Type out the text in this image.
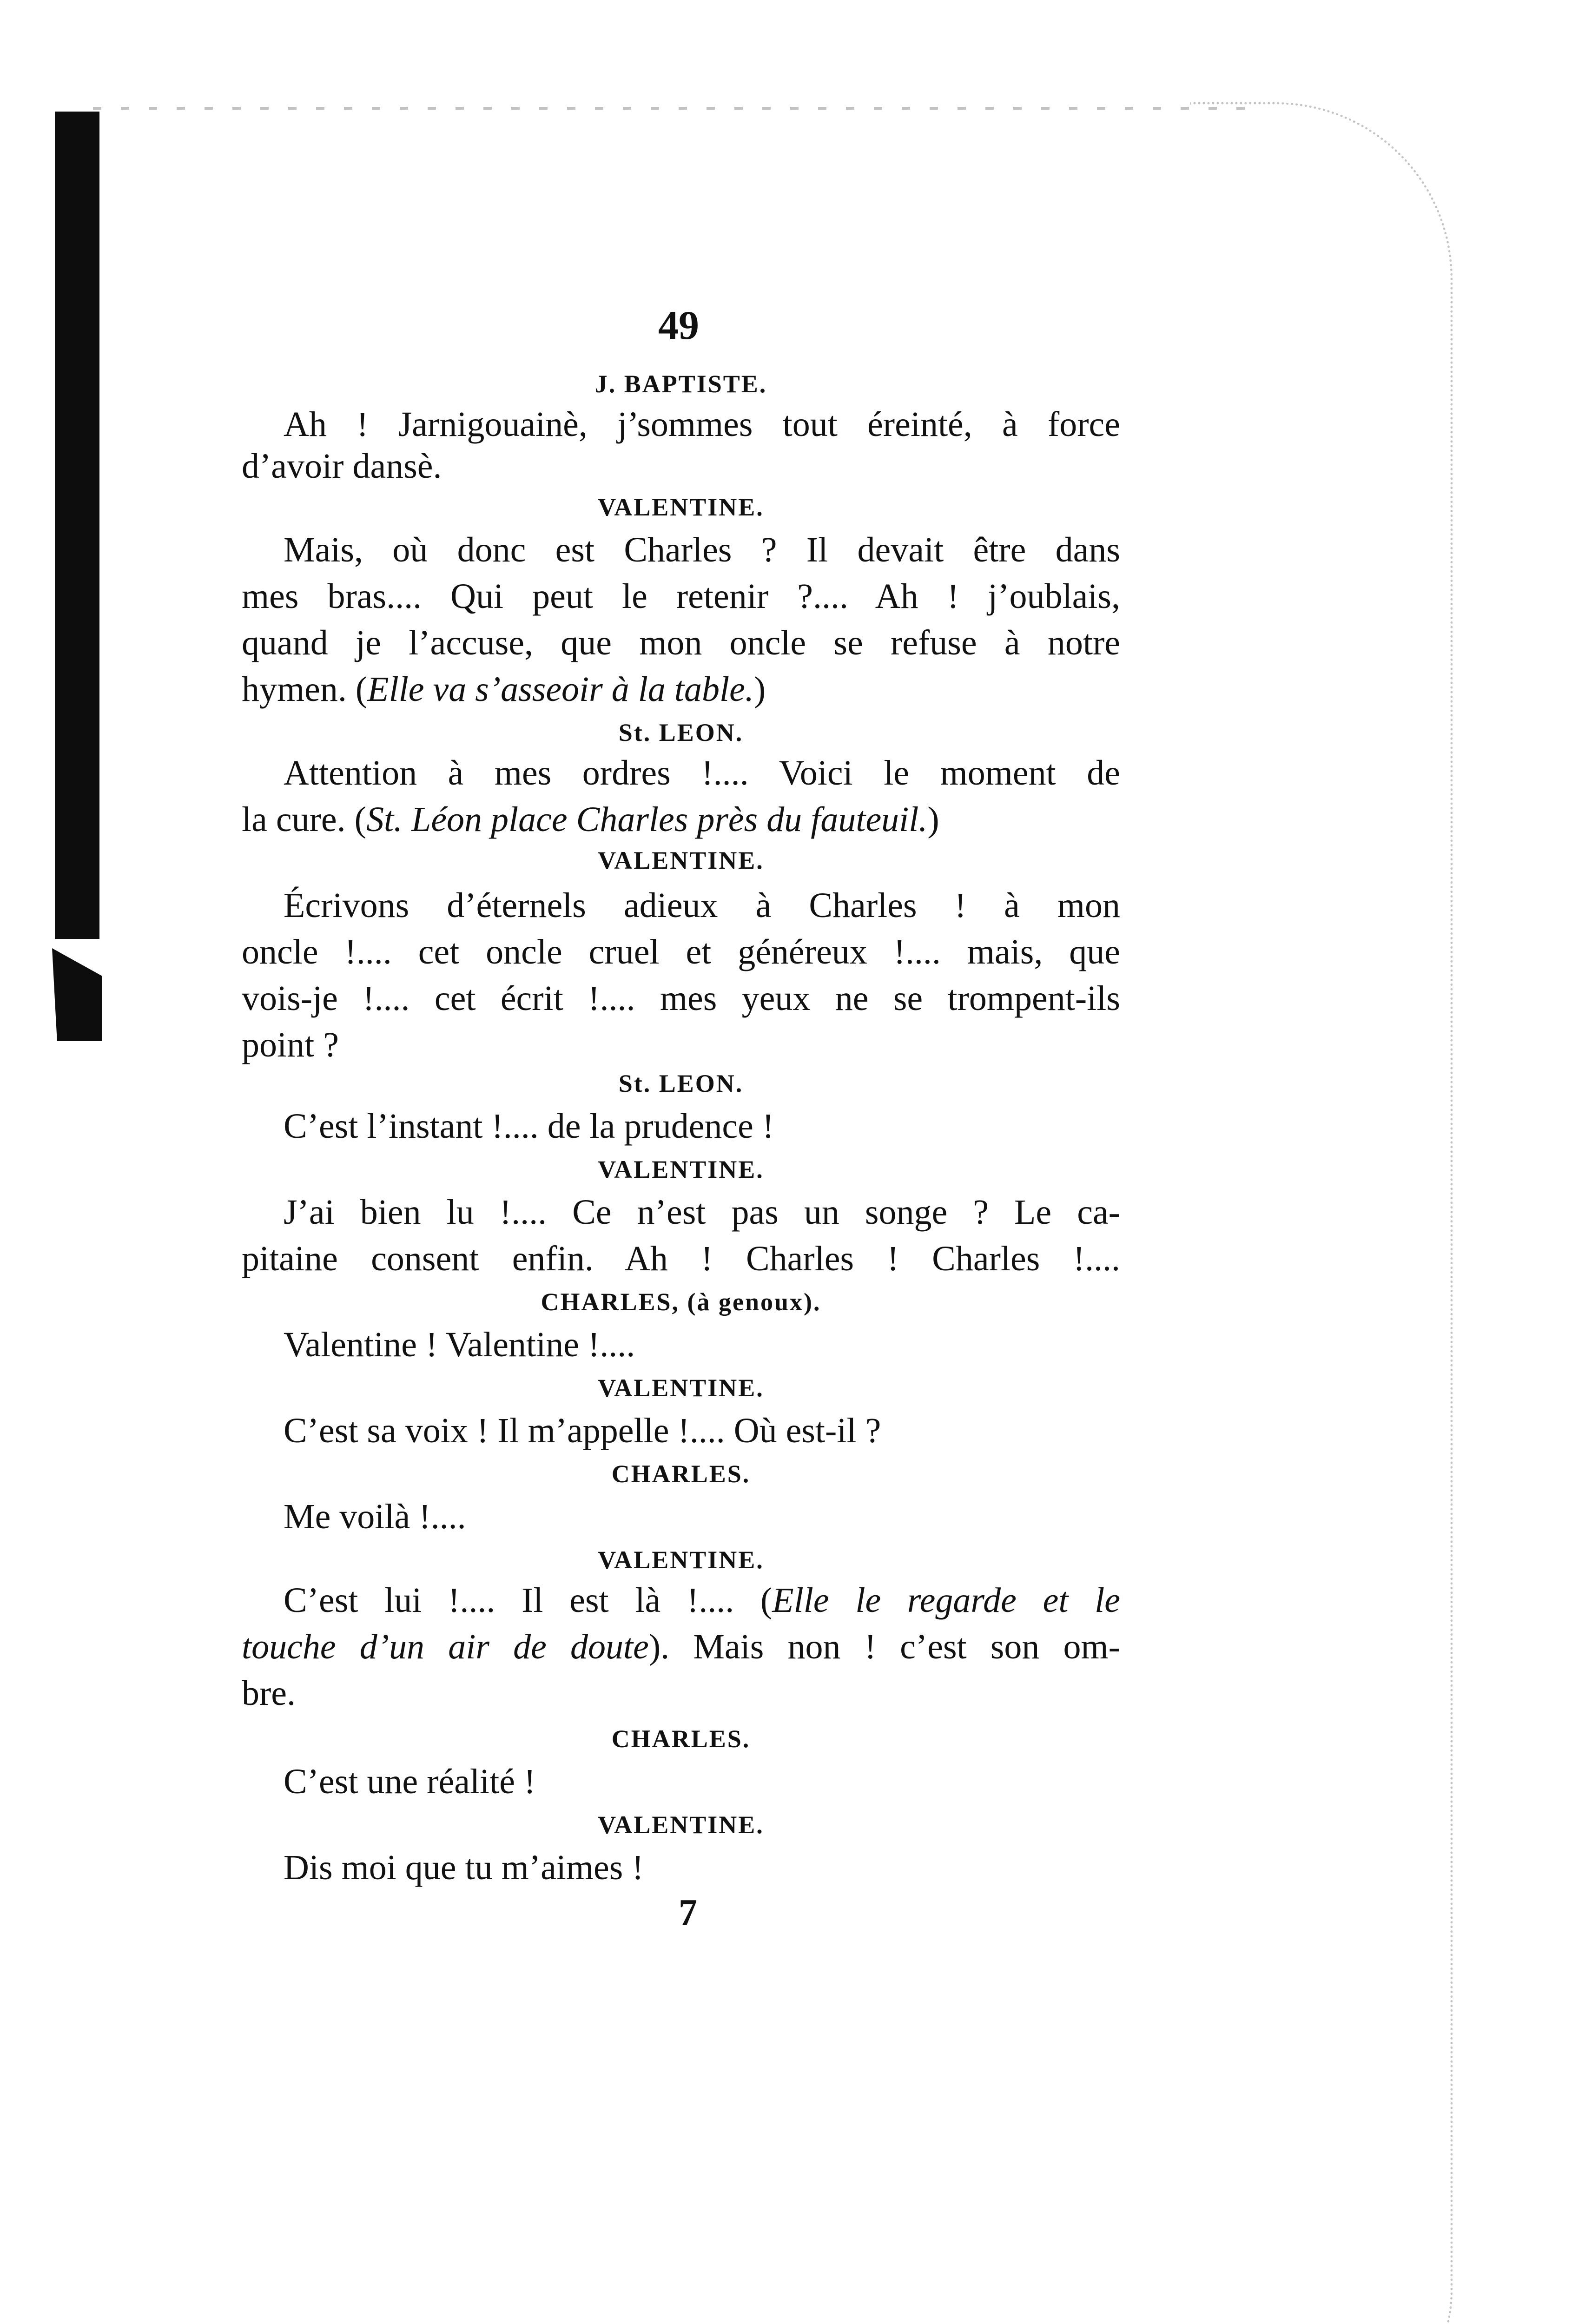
49
J. BAPTISTE.
Ah ! Jarnigouainè, j’sommes tout éreinté, à force
d’avoir dansè.
VALENTINE.
Mais, où donc est Charles ? Il devait être dans
mes bras.... Qui peut le retenir ?.... Ah ! j’oublais,
quand je l’accuse, que mon oncle se refuse à notre
hymen. (Elle va s’asseoir à la table.)
St. LEON.
Attention à mes ordres !.... Voici le moment de
la cure. (St. Léon place Charles près du fauteuil.)
VALENTINE.
Écrivons d’éternels adieux à Charles ! à mon
oncle !.... cet oncle cruel et généreux !.... mais, que
vois-je !.... cet écrit !.... mes yeux ne se trompent-ils
point ?
St. LEON.
C’est l’instant !.... de la prudence !
VALENTINE.
J’ai bien lu !.... Ce n’est pas un songe ? Le ca-
pitaine consent enfin. Ah ! Charles ! Charles !....
CHARLES, (à genoux).
Valentine ! Valentine !....
VALENTINE.
C’est sa voix ! Il m’appelle !.... Où est-il ?
CHARLES.
Me voilà !....
VALENTINE.
C’est lui !.... Il est là !.... (Elle le regarde et le
touche d’un air de doute). Mais non ! c’est son om-
bre.
CHARLES.
C’est une réalité !
VALENTINE.
Dis moi que tu m’aimes !
7
